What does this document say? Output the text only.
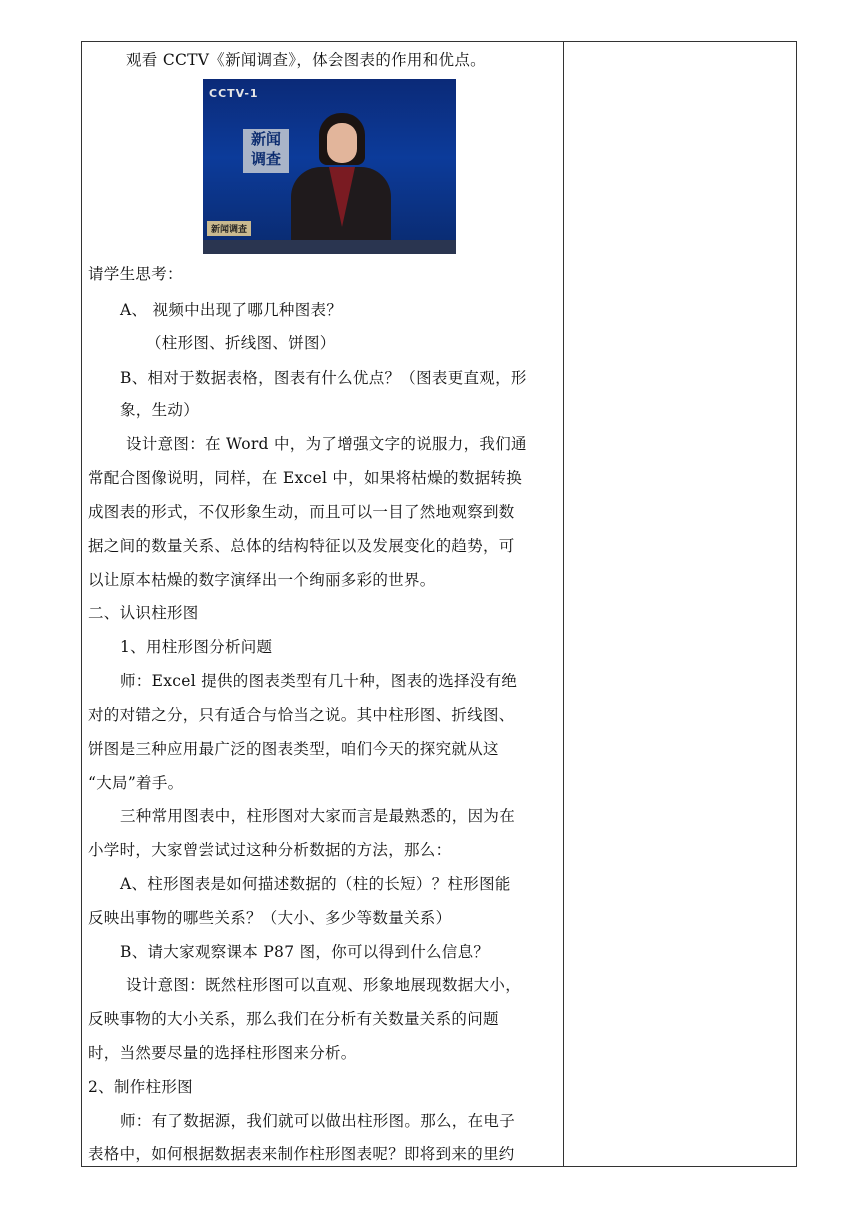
观看 CCTV《新闻调查》，体会图表的作用和优点。
CCTV-1
新闻
调查
新闻调查
请学生思考：
A、 视频中出现了哪几种图表？
（柱形图、折线图、饼图）
B、相对于数据表格，图表有什么优点？（图表更直观，形
象，生动）
设计意图：在 Word 中，为了增强文字的说服力，我们通
常配合图像说明，同样，在 Excel 中，如果将枯燥的数据转换
成图表的形式，不仅形象生动，而且可以一目了然地观察到数
据之间的数量关系、总体的结构特征以及发展变化的趋势，可
以让原本枯燥的数字演绎出一个绚丽多彩的世界。
二、认识柱形图
1、用柱形图分析问题
师：Excel 提供的图表类型有几十种，图表的选择没有绝
对的对错之分，只有适合与恰当之说。其中柱形图、折线图、
饼图是三种应用最广泛的图表类型，咱们今天的探究就从这
“大局”着手。
三种常用图表中，柱形图对大家而言是最熟悉的，因为在
小学时，大家曾尝试过这种分析数据的方法，那么：
A、柱形图表是如何描述数据的（柱的长短）？柱形图能
反映出事物的哪些关系？（大小、多少等数量关系）
B、请大家观察课本 P87 图，你可以得到什么信息？
设计意图：既然柱形图可以直观、形象地展现数据大小，
反映事物的大小关系，那么我们在分析有关数量关系的问题
时，当然要尽量的选择柱形图来分析。
2、制作柱形图
师：有了数据源，我们就可以做出柱形图。那么，在电子
表格中，如何根据数据表来制作柱形图表呢？即将到来的里约
